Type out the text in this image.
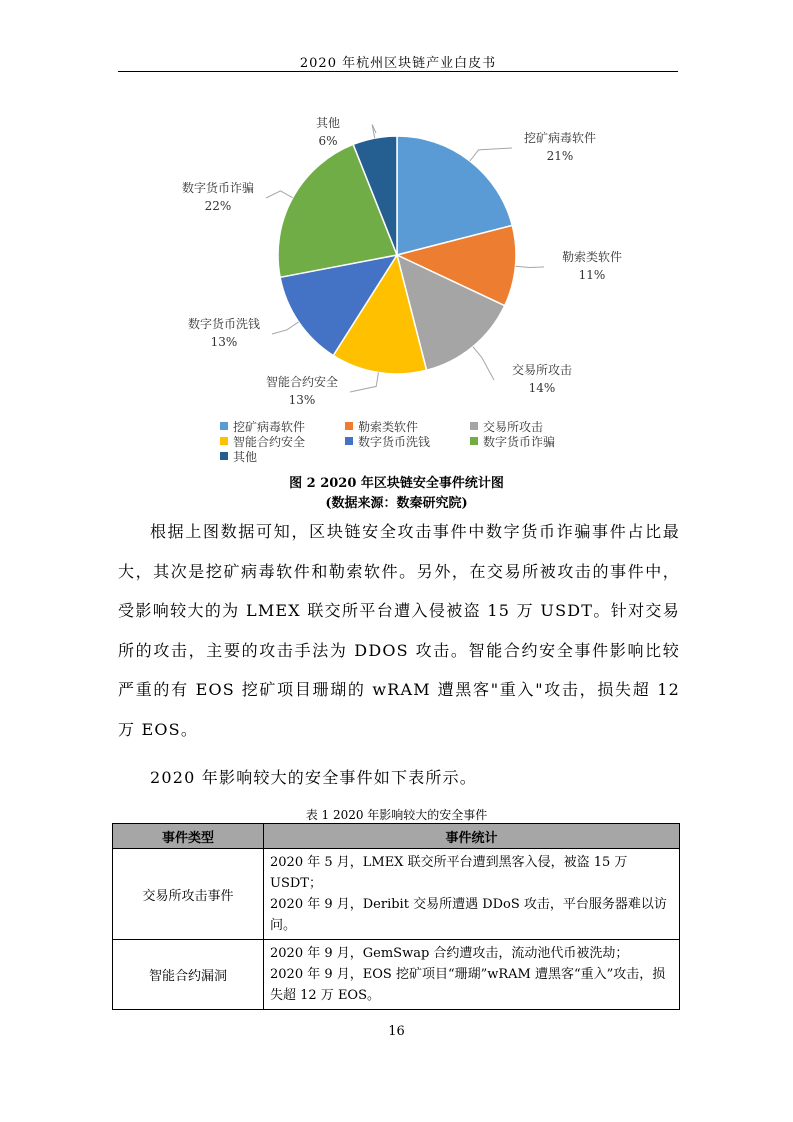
2020 年杭州区块链产业白皮书
挖矿病毒软件
21%
勒索类软件
11%
交易所攻击
14%
智能合约安全
13%
数字货币洗钱
13%
数字货币诈骗
22%
其他
6%
挖矿病毒软件	勒索类软件	交易所攻击
智能合约安全	数字货币洗钱	数字货币诈骗
其他
图 2 2020 年区块链安全事件统计图
(数据来源：数秦研究院)

根据上图数据可知，区块链安全攻击事件中数字货币诈骗事件占比最大，其次是挖矿病毒软件和勒索软件。另外，在交易所被攻击的事件中，受影响较大的为 LMEX 联交所平台遭入侵被盗 15 万 USDT。针对交易所的攻击，主要的攻击手法为 DDOS 攻击。智能合约安全事件影响比较严重的有 EOS 挖矿项目珊瑚的 wRAM 遭黑客"重入"攻击，损失超 12 万 EOS。

2020 年影响较大的安全事件如下表所示。
表 1 2020 年影响较大的安全事件
事件类型	事件统计
交易所攻击事件	2020 年 5 月，LMEX 联交所平台遭到黑客入侵，被盗 15 万 USDT；
2020 年 9 月，Deribit 交易所遭遇 DDoS 攻击，平台服务器难以访问。

智能合约漏洞	2020 年 9 月，GemSwap 合约遭攻击，流动池代币被洗劫；
2020 年 9 月，EOS 挖矿项目“珊瑚”wRAM 遭黑客“重入”攻击，损失超 12 万 EOS。
16
